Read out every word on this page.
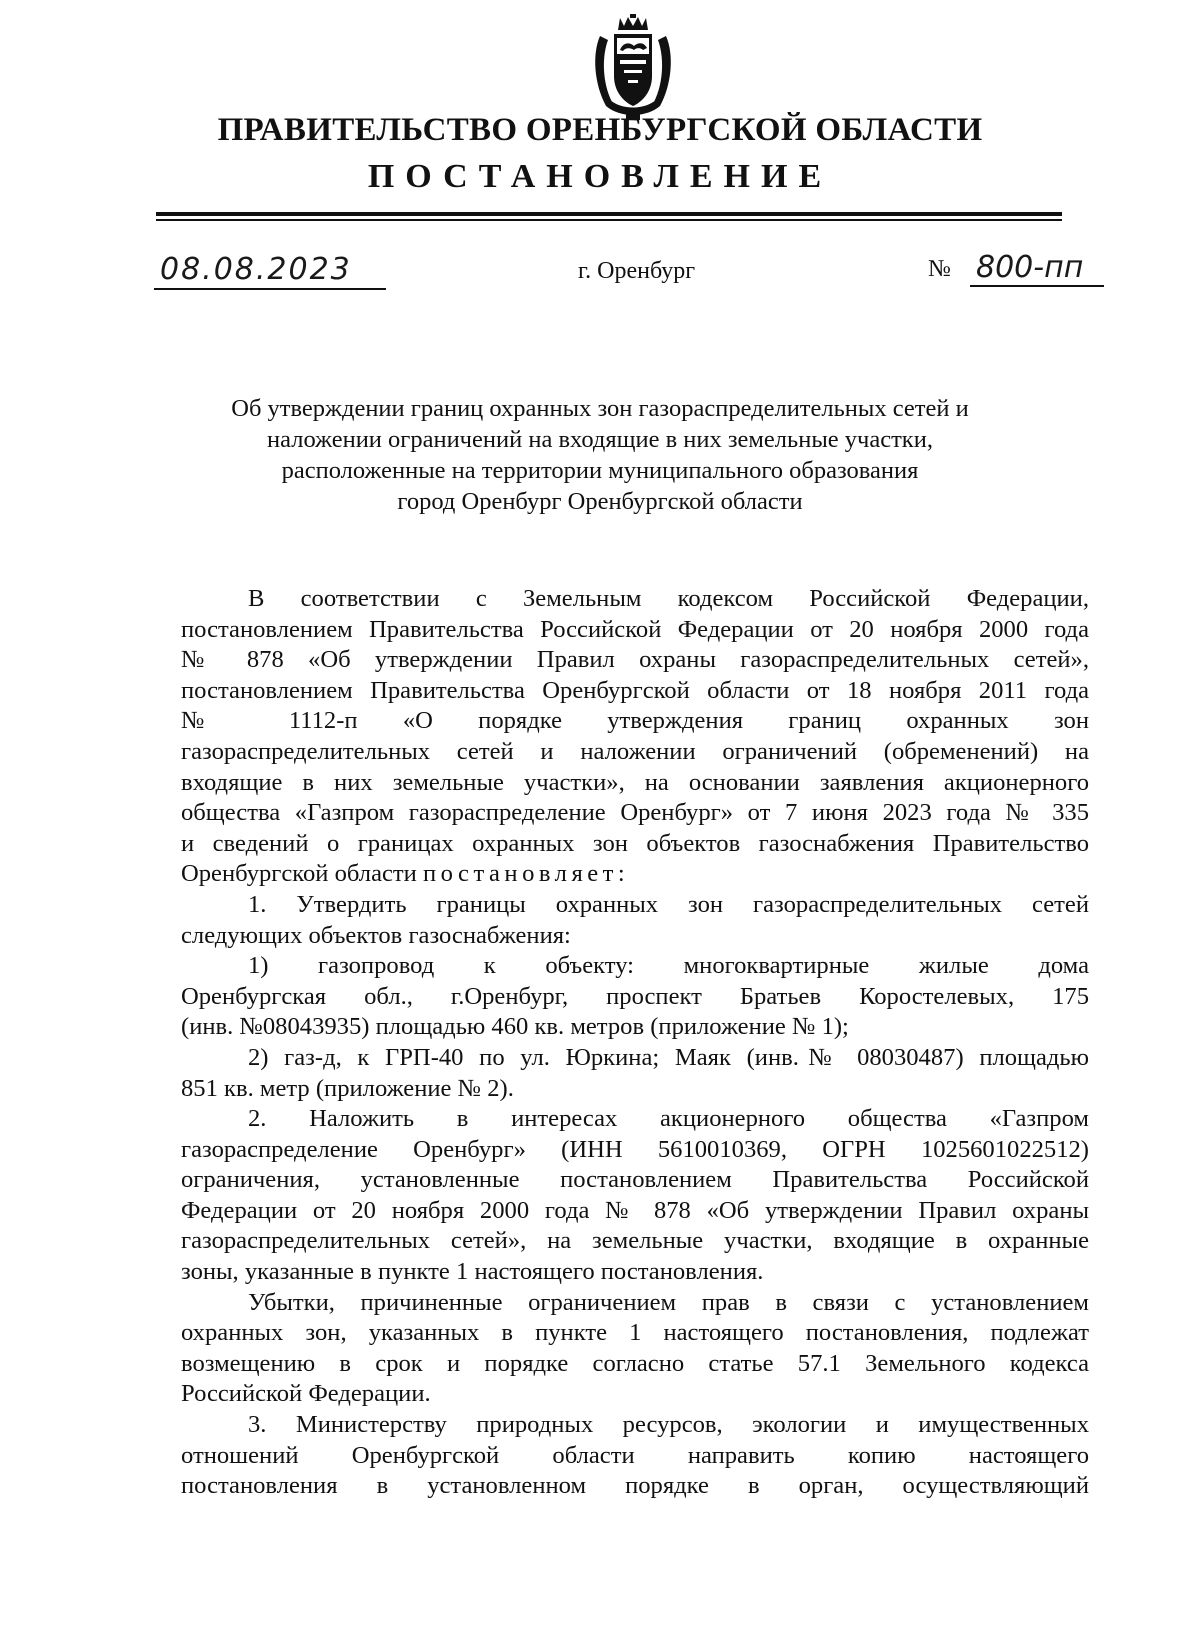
ПРАВИТЕЛЬСТВО ОРЕНБУРГСКОЙ ОБЛАСТИ
ПОСТАНОВЛЕНИЕ
08.08.2023	г. Оренбург	№ 800-пп
Об утверждении границ охранных зон газораспределительных сетей и
наложении ограничений на входящие в них земельные участки,
расположенные на территории муниципального образования
город Оренбург Оренбургской области

В соответствии с Земельным кодексом Российской Федерации,

постановлением Правительства Российской Федерации от 20 ноября 2000 года

№ 878 «Об утверждении Правил охраны газораспределительных сетей»,

постановлением Правительства Оренбургской области от 18 ноября 2011 года

№ 1112-п «О порядке утверждения границ охранных зон

газораспределительных сетей и наложении ограничений (обременений) на

входящие в них земельные участки», на основании заявления акционерного

общества «Газпром газораспределение Оренбург» от 7 июня 2023 года № 335

и сведений о границах охранных зон объектов газоснабжения Правительство

Оренбургской области постановляет:

1. Утвердить границы охранных зон газораспределительных сетей

следующих объектов газоснабжения:

1) газопровод к объекту: многоквартирные жилые дома

Оренбургская обл., г.Оренбург, проспект Братьев Коростелевых, 175

(инв. №08043935) площадью 460 кв. метров (приложение № 1);

2) газ-д, к ГРП-40 по ул. Юркина; Маяк (инв.№ 08030487) площадью

851 кв. метр (приложение № 2).

2. Наложить в интересах акционерного общества «Газпром

газораспределение Оренбург» (ИНН 5610010369, ОГРН 1025601022512)

ограничения, установленные постановлением Правительства Российской

Федерации от 20 ноября 2000 года № 878 «Об утверждении Правил охраны

газораспределительных сетей», на земельные участки, входящие в охранные

зоны, указанные в пункте 1 настоящего постановления.

Убытки, причиненные ограничением прав в связи с установлением

охранных зон, указанных в пункте 1 настоящего постановления, подлежат

возмещению в срок и порядке согласно статье 57.1 Земельного кодекса

Российской Федерации.

3. Министерству природных ресурсов, экологии и имущественных

отношений Оренбургской области направить копию настоящего

постановления в установленном порядке в орган, осуществляющий
